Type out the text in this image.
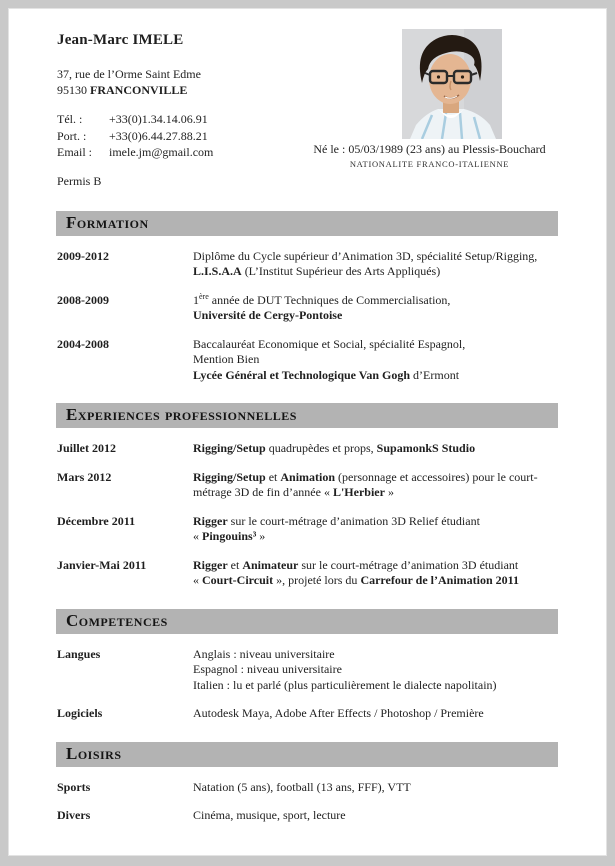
Jean-Marc IMELE
37, rue de l’Orme Saint Edme
95130 FRANCONVILLE
Tél. :	+33(0)1.34.14.06.91
Port. :	+33(0)6.44.27.88.21
Email :	imele.jm@gmail.com
Permis B
Né le : 05/03/1989 (23 ans) au Plessis-Bouchard
NATIONALITE FRANCO-ITALIENNE
Formation
2009-2012	Diplôme du Cycle supérieur d’Animation 3D, spécialité Setup/Rigging,
L.I.S.A.A (L’Institut Supérieur des Arts Appliqués)
2008-2009	1ère année de DUT Techniques de Commercialisation,
Université de Cergy-Pontoise
2004-2008	Baccalauréat Economique et Social, spécialité Espagnol,
Mention Bien
Lycée Général et Technologique Van Gogh d’Ermont
Experiences professionnelles
Juillet 2012	Rigging/Setup quadrupèdes et props, SupamonkS Studio
Mars 2012	Rigging/Setup et Animation (personnage et accessoires) pour le court-
métrage 3D de fin d’année « L'Herbier »
Décembre 2011	Rigger sur le court-métrage d’animation 3D Relief étudiant
« Pingouins³ »
Janvier-Mai 2011	Rigger et Animateur sur le court-métrage d’animation 3D étudiant
« Court-Circuit », projeté lors du Carrefour de l’Animation 2011
Competences
Langues	Anglais : niveau universitaire
Espagnol : niveau universitaire
Italien : lu et parlé (plus particulièrement le dialecte napolitain)
Logiciels	Autodesk Maya, Adobe After Effects / Photoshop / Première
Loisirs
Sports	Natation (5 ans), football (13 ans, FFF), VTT
Divers	Cinéma, musique, sport, lecture
